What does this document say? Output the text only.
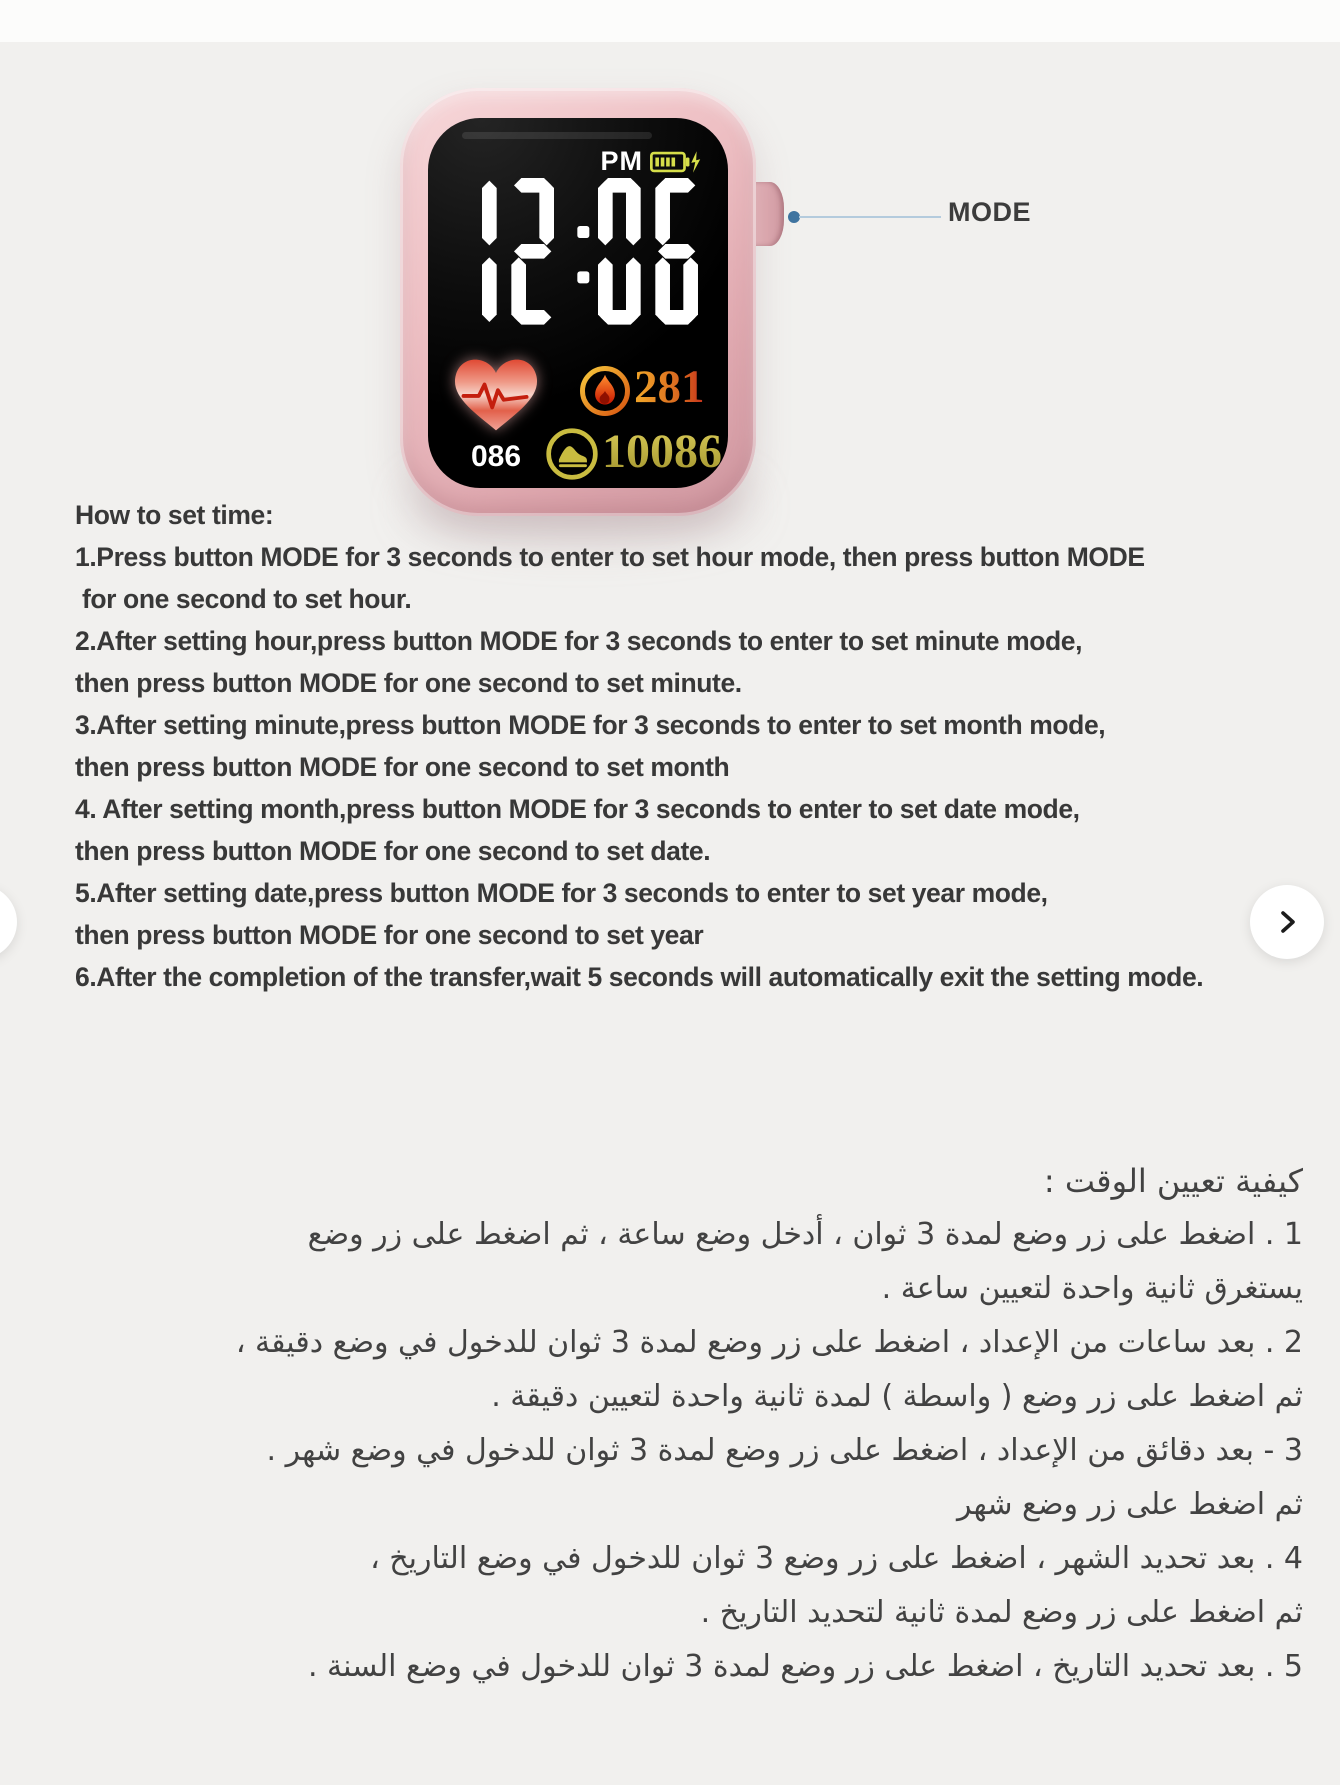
PM
086
281
10086
MODE
How to set time:
1.Press button MODE for 3 seconds to enter to set hour mode, then press button MODE
for one second to set hour.
2.After setting hour,press button MODE for 3 seconds to enter to set minute mode,
then press button MODE for one second to set minute.
3.After setting minute,press button MODE for 3 seconds to enter to set month mode,
then press button MODE for one second to set month
4. After setting month,press button MODE for 3 seconds to enter to set date mode,
then press button MODE for one second to set date.
5.After setting date,press button MODE for 3 seconds to enter to set year mode,
then press button MODE for one second to set year
6.After the completion of the transfer,wait 5 seconds will automatically exit the setting mode.
كيفية تعيين الوقت :
1 . اضغط على زر وضع لمدة 3 ثوان ، أدخل وضع ساعة ، ثم اضغط على زر وضع
يستغرق ثانية واحدة لتعيين ساعة .
2 . بعد ساعات من الإعداد ، اضغط على زر وضع لمدة 3 ثوان للدخول في وضع دقيقة ،
ثم اضغط على زر وضع ( واسطة ) لمدة ثانية واحدة لتعيين دقيقة .
3 - بعد دقائق من الإعداد ، اضغط على زر وضع لمدة 3 ثوان للدخول في وضع شهر .
ثم اضغط على زر وضع شهر
4 . بعد تحديد الشهر ، اضغط على زر وضع 3 ثوان للدخول في وضع التاريخ ،
ثم اضغط على زر وضع لمدة ثانية لتحديد التاريخ .
5 . بعد تحديد التاريخ ، اضغط على زر وضع لمدة 3 ثوان للدخول في وضع السنة .
